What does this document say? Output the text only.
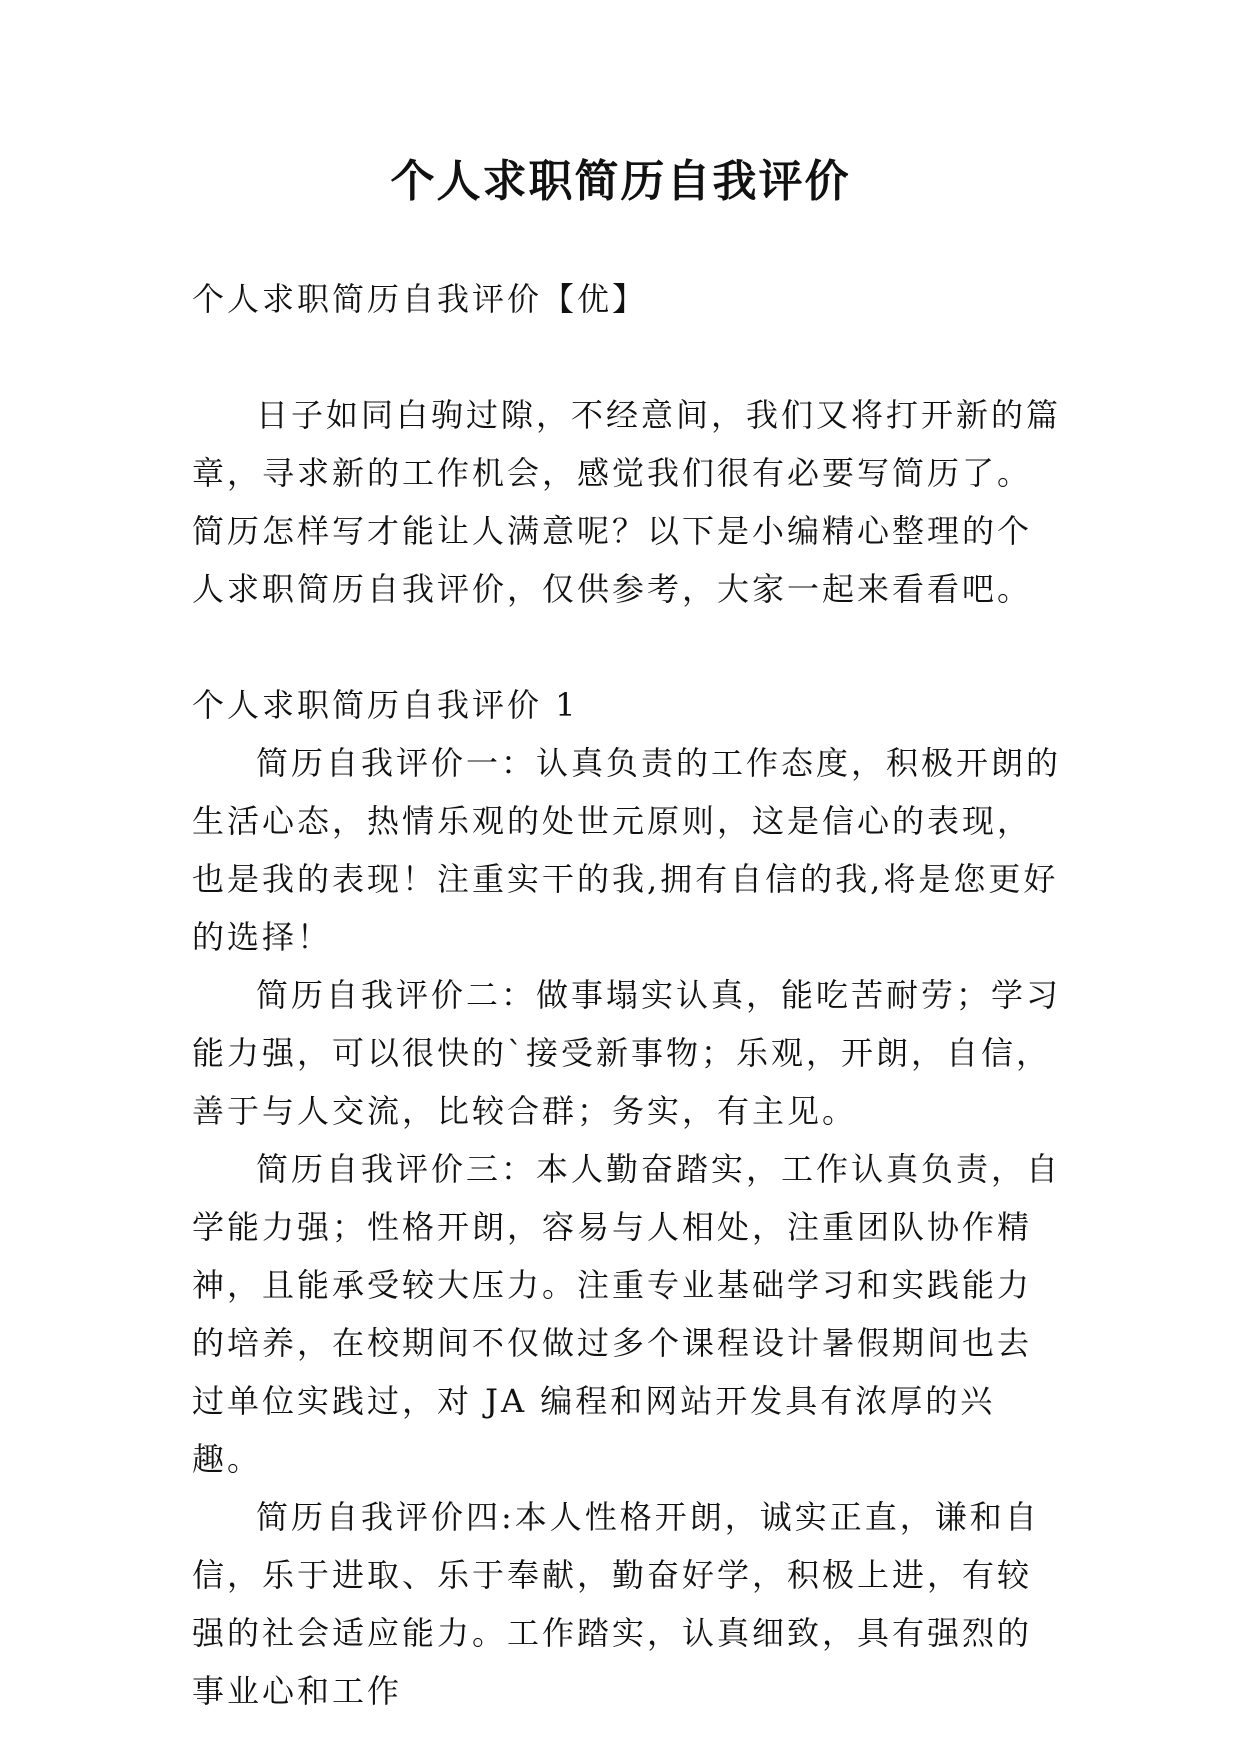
个人求职简历自我评价

个人求职简历自我评价【优】

日子如同白驹过隙，不经意间，我们又将打开新的篇章，寻求新的工作机会，感觉我们很有必要写简历了。简历怎样写才能让人满意呢？以下是小编精心整理的个人求职简历自我评价，仅供参考，大家一起来看看吧。

个人求职简历自我评价 1

简历自我评价一：认真负责的工作态度，积极开朗的生活心态，热情乐观的处世元原则，这是信心的表现，也是我的表现！注重实干的我,拥有自信的我,将是您更好的选择！

简历自我评价二：做事塌实认真，能吃苦耐劳；学习能力强，可以很快的`接受新事物；乐观，开朗，自信，善于与人交流，比较合群；务实，有主见。

简历自我评价三：本人勤奋踏实，工作认真负责，自学能力强；性格开朗，容易与人相处，注重团队协作精神，且能承受较大压力。注重专业基础学习和实践能力的培养，在校期间不仅做过多个课程设计暑假期间也去过单位实践过，对 JA 编程和网站开发具有浓厚的兴趣。

简历自我评价四:本人性格开朗，诚实正直，谦和自信，乐于进取、乐于奉献，勤奋好学，积极上进，有较强的社会适应能力。工作踏实，认真细致，具有强烈的事业心和工作
